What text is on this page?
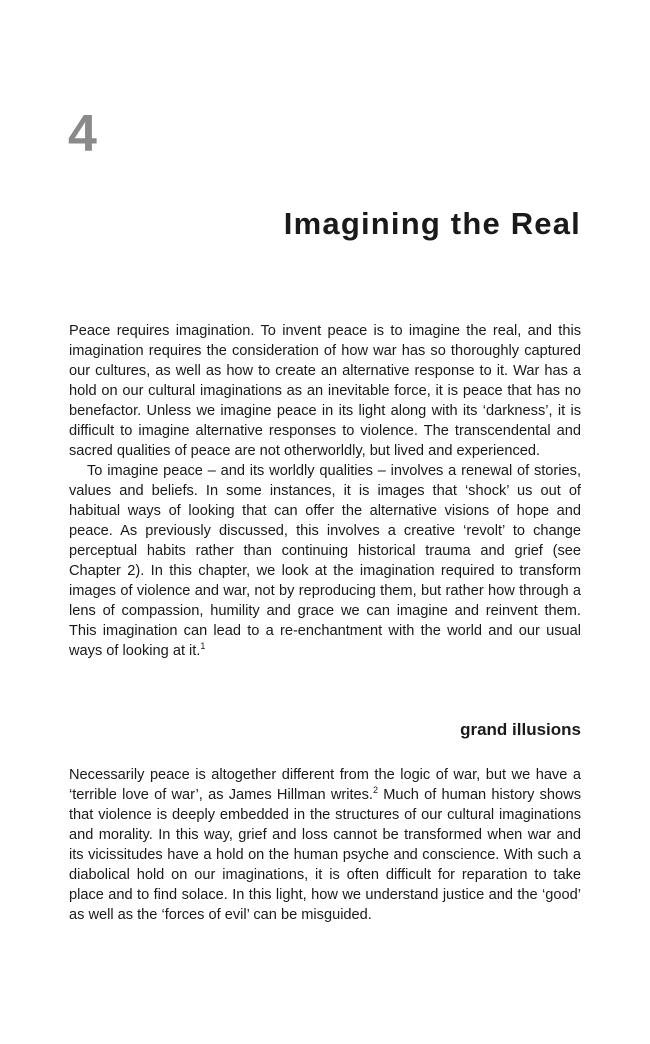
4
Imagining the Real

Peace requires imagination. To invent peace is to imagine the real, and this imagination requires the consideration of how war has so thoroughly captured our cultures, as well as how to create an alternative response to it. War has a hold on our cultural imaginations as an inevitable force, it is peace that has no benefactor. Unless we imagine peace in its light along with its ‘darkness’, it is difficult to imagine alternative responses to violence. The transcendental and sacred qualities of peace are not otherworldly, but lived and experienced.

To imagine peace – and its worldly qualities – involves a renewal of stories, values and beliefs. In some instances, it is images that ‘shock’ us out of habitual ways of looking that can offer the alternative visions of hope and peace. As previously discussed, this involves a creative ‘revolt’ to change perceptual habits rather than continuing historical trauma and grief (see Chapter 2). In this chapter, we look at the imagination required to transform images of violence and war, not by reproducing them, but rather how through a lens of compassion, humility and grace we can imagine and reinvent them. This imagination can lead to a re-enchantment with the world and our usual ways of looking at it.$^1$

grand illusions

Necessarily peace is altogether different from the logic of war, but we have a ‘terrible love of war’, as James Hillman writes.$^2$ Much of human history shows that violence is deeply embedded in the structures of our cultural imaginations and morality. In this way, grief and loss cannot be transformed when war and its vicissitudes have a hold on the human psyche and conscience. With such a diabolical hold on our imaginations, it is often difficult for reparation to take place and to find solace. In this light, how we understand justice and the ‘good’ as well as the ‘forces of evil’ can be misguided.
